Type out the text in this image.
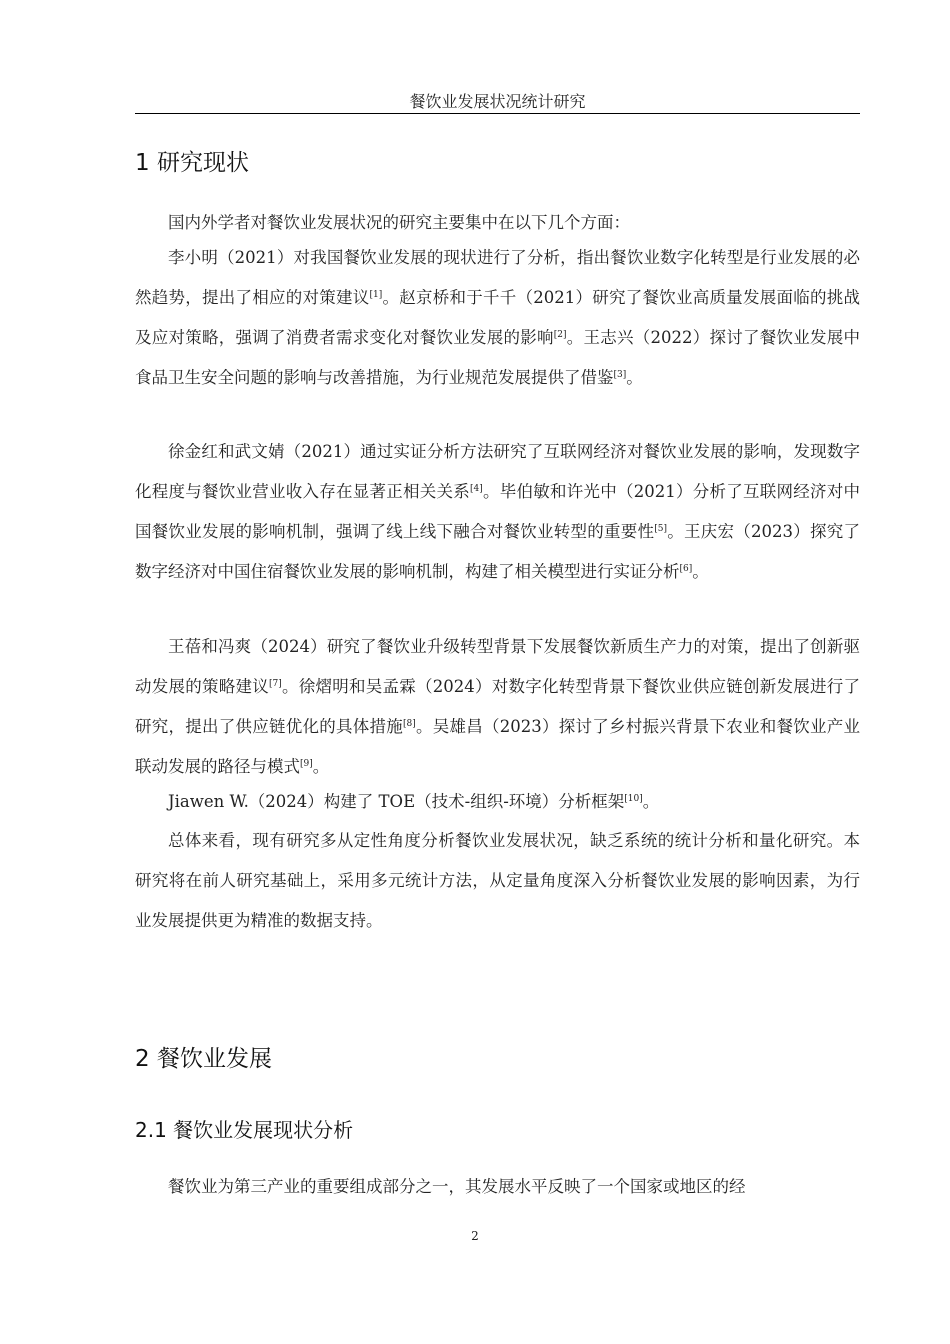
餐饮业发展状况统计研究
1 研究现状

国内外学者对餐饮业发展状况的研究主要集中在以下几个方面：

李小明（2021）对我国餐饮业发展的现状进行了分析，指出餐饮业数字化转型是行业发展的必然趋势，提出了相应的对策建议[1]。赵京桥和于千千（2021）研究了餐饮业高质量发展面临的挑战及应对策略，强调了消费者需求变化对餐饮业发展的影响[2]。王志兴（2022）探讨了餐饮业发展中食品卫生安全问题的影响与改善措施，为行业规范发展提供了借鉴[3]。

徐金红和武文婧（2021）通过实证分析方法研究了互联网经济对餐饮业发展的影响，发现数字化程度与餐饮业营业收入存在显著正相关关系[4]。毕伯敏和许光中（2021）分析了互联网经济对中国餐饮业发展的影响机制，强调了线上线下融合对餐饮业转型的重要性[5]。王庆宏（2023）探究了数字经济对中国住宿餐饮业发展的影响机制，构建了相关模型进行实证分析[6]。

王蓓和冯爽（2024）研究了餐饮业升级转型背景下发展餐饮新质生产力的对策，提出了创新驱动发展的策略建议[7]。徐熠明和吴孟霖（2024）对数字化转型背景下餐饮业供应链创新发展进行了研究，提出了供应链优化的具体措施[8]。吴雄昌（2023）探讨了乡村振兴背景下农业和餐饮业产业联动发展的路径与模式[9]。

Jiawen W.（2024）构建了 TOE（技术-组织-环境）分析框架[10]。

总体来看，现有研究多从定性角度分析餐饮业发展状况，缺乏系统的统计分析和量化研究。本研究将在前人研究基础上，采用多元统计方法，从定量角度深入分析餐饮业发展的影响因素，为行业发展提供更为精准的数据支持。

2 餐饮业发展
2.1 餐饮业发展现状分析

餐饮业为第三产业的重要组成部分之一，其发展水平反映了一个国家或地区的经

2
